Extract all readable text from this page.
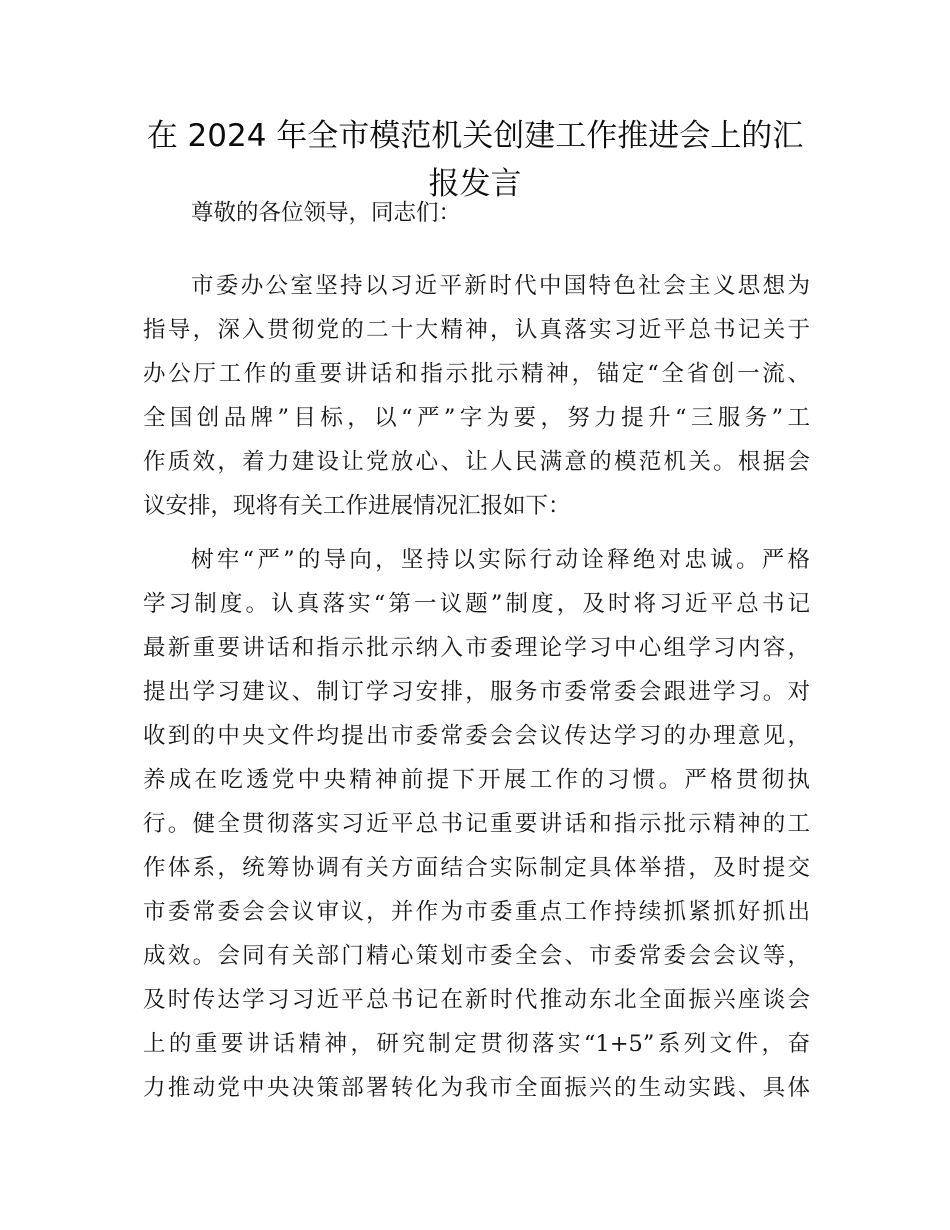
在 2024 年全市模范机关创建工作推进会上的汇
报发言

尊敬的各位领导，同志们：

市委办公室坚持以习近平新时代中国特色社会主义思想为
指导，深入贯彻党的二十大精神，认真落实习近平总书记关于
办公厅工作的重要讲话和指示批示精神，锚定“全省创一流、
全国创品牌”目标，以“严”字为要，努力提升“三服务”工
作质效，着力建设让党放心、让人民满意的模范机关。根据会
议安排，现将有关工作进展情况汇报如下：

树牢“严”的导向，坚持以实际行动诠释绝对忠诚。严格
学习制度。认真落实“第一议题”制度，及时将习近平总书记
最新重要讲话和指示批示纳入市委理论学习中心组学习内容，
提出学习建议、制订学习安排，服务市委常委会跟进学习。对
收到的中央文件均提出市委常委会会议传达学习的办理意见，
养成在吃透党中央精神前提下开展工作的习惯。严格贯彻执
行。健全贯彻落实习近平总书记重要讲话和指示批示精神的工
作体系，统筹协调有关方面结合实际制定具体举措，及时提交
市委常委会会议审议，并作为市委重点工作持续抓紧抓好抓出
成效。会同有关部门精心策划市委全会、市委常委会会议等，
及时传达学习习近平总书记在新时代推动东北全面振兴座谈会
上的重要讲话精神，研究制定贯彻落实“1+5”系列文件，奋
力推动党中央决策部署转化为我市全面振兴的生动实践、具体
